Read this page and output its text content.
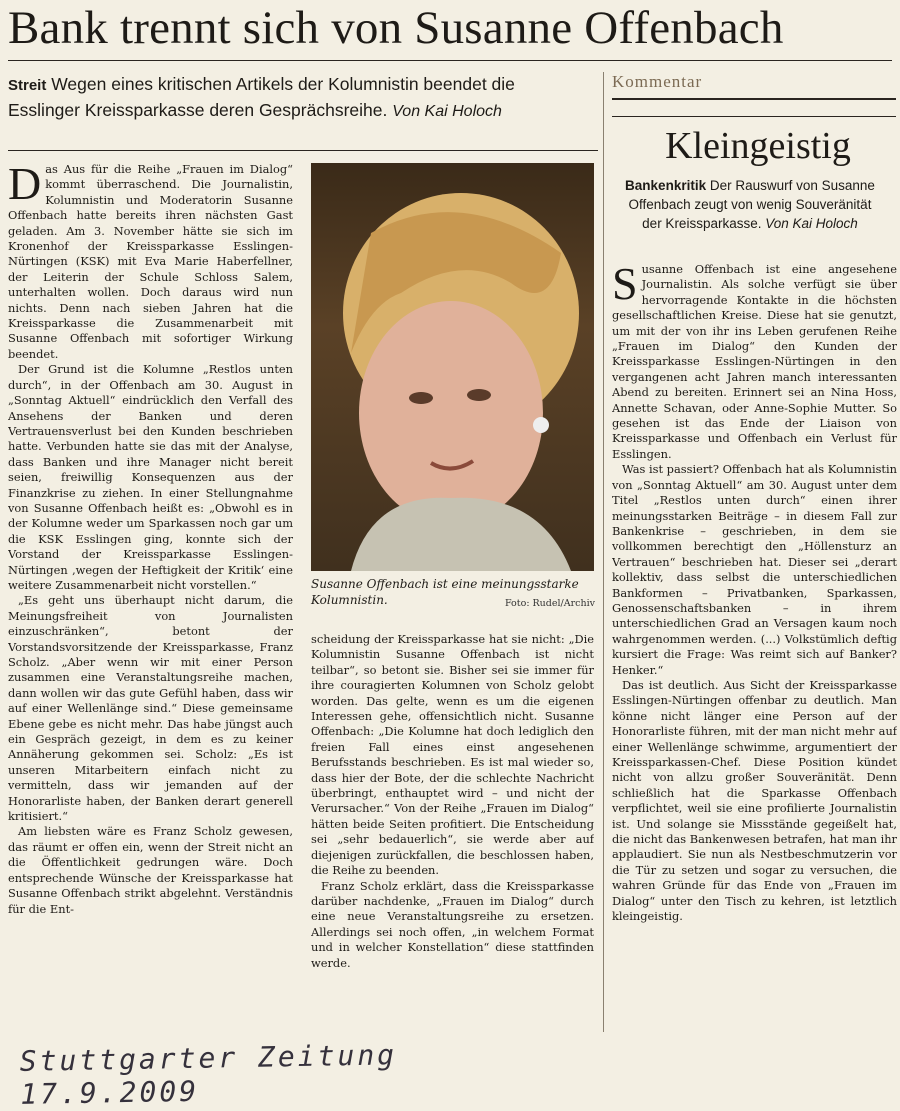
Bank trennt sich von Susanne Offenbach
Streit Wegen eines kritischen Artikels der Kolumnistin beendet die Esslinger Kreissparkasse deren Gesprächsreihe. Von Kai Holoch
Kommentar
Kleingeistig
Bankenkritik Der Rauswurf von Susanne Offenbach zeugt von wenig Souveränität der Kreissparkasse. Von Kai Holoch

Das Aus für die Reihe „Frauen im Dialog“ kommt überraschend. Die Journalistin, Kolumnistin und Moderatorin Susanne Offenbach hatte bereits ihren nächsten Gast geladen. Am 3. November hätte sie sich im Kronenhof der Kreissparkasse Esslingen-Nürtingen (KSK) mit Eva Marie Haberfellner, der Leiterin der Schule Schloss Salem, unterhalten wollen. Doch daraus wird nun nichts. Denn nach sieben Jahren hat die Kreissparkasse die Zusammenarbeit mit Susanne Offenbach mit sofortiger Wirkung beendet.

Der Grund ist die Kolumne „Restlos unten durch“, in der Offenbach am 30. August in „Sonntag Aktuell“ eindrücklich den Verfall des Ansehens der Banken und deren Vertrauensverlust bei den Kunden beschrieben hatte. Verbunden hatte sie das mit der Analyse, dass Banken und ihre Manager nicht bereit seien, freiwillig Konsequenzen aus der Finanzkrise zu ziehen. In einer Stellungnahme von Susanne Offenbach heißt es: „Obwohl es in der Kolumne weder um Sparkassen noch gar um die KSK Esslingen ging, konnte sich der Vorstand der Kreissparkasse Esslingen-Nürtingen ‚wegen der Heftigkeit der Kritik‘ eine weitere Zusammenarbeit nicht vorstellen.“

„Es geht uns überhaupt nicht darum, die Meinungsfreiheit von Journalisten einzuschränken“, betont der Vorstandsvorsitzende der Kreissparkasse, Franz Scholz. „Aber wenn wir mit einer Person zusammen eine Veranstaltungsreihe machen, dann wollen wir das gute Gefühl haben, dass wir auf einer Wellenlänge sind.“ Diese gemeinsame Ebene gebe es nicht mehr. Das habe jüngst auch ein Gespräch gezeigt, in dem es zu keiner Annäherung gekommen sei. Scholz: „Es ist unseren Mitarbeitern einfach nicht zu vermitteln, dass wir jemanden auf der Honorarliste haben, der Banken derart generell kritisiert.“

Am liebsten wäre es Franz Scholz gewesen, das räumt er offen ein, wenn der Streit nicht an die Öffentlichkeit gedrungen wäre. Doch entsprechende Wünsche der Kreissparkasse hat Susanne Offenbach strikt abgelehnt. Verständnis für die Ent-

Susanne Offenbach ist eine meinungsstarke Kolumnistin.	Foto: Rudel/Archiv

scheidung der Kreissparkasse hat sie nicht: „Die Kolumnistin Susanne Offenbach ist nicht teilbar“, so betont sie. Bisher sei sie immer für ihre couragierten Kolumnen von Scholz gelobt worden. Das gelte, wenn es um die eigenen Interessen gehe, offensichtlich nicht. Susanne Offenbach: „Die Kolumne hat doch lediglich den freien Fall eines einst angesehenen Berufsstands beschrieben. Es ist mal wieder so, dass hier der Bote, der die schlechte Nachricht überbringt, enthauptet wird – und nicht der Verursacher.“ Von der Reihe „Frauen im Dialog“ hätten beide Seiten profitiert. Die Entscheidung sei „sehr bedauerlich“, sie werde aber auf diejenigen zurückfallen, die beschlossen haben, die Reihe zu beenden.

Franz Scholz erklärt, dass die Kreissparkasse darüber nachdenke, „Frauen im Dialog“ durch eine neue Veranstaltungsreihe zu ersetzen. Allerdings sei noch offen, „in welchem Format und in welcher Konstellation“ diese stattfinden werde.

Susanne Offenbach ist eine angesehene Journalistin. Als solche verfügt sie über hervorragende Kontakte in die höchsten gesellschaftlichen Kreise. Diese hat sie genutzt, um mit der von ihr ins Leben gerufenen Reihe „Frauen im Dialog“ den Kunden der Kreissparkasse Esslingen-Nürtingen in den vergangenen acht Jahren manch interessanten Abend zu bereiten. Erinnert sei an Nina Hoss, Annette Schavan, oder Anne-Sophie Mutter. So gesehen ist das Ende der Liaison von Kreissparkasse und Offenbach ein Verlust für Esslingen.

Was ist passiert? Offenbach hat als Kolumnistin von „Sonntag Aktuell“ am 30. August unter dem Titel „Restlos unten durch“ einen ihrer meinungsstarken Beiträge – in diesem Fall zur Bankenkrise – geschrieben, in dem sie vollkommen berechtigt den „Höllensturz an Vertrauen“ beschrieben hat. Dieser sei „derart kollektiv, dass selbst die unterschiedlichen Bankformen – Privatbanken, Sparkassen, Genossenschaftsbanken – in ihrem unterschiedlichen Grad an Versagen kaum noch wahrgenommen werden. (...) Volkstümlich deftig kursiert die Frage: Was reimt sich auf Banker? Henker.“

Das ist deutlich. Aus Sicht der Kreissparkasse Esslingen-Nürtingen offenbar zu deutlich. Man könne nicht länger eine Person auf der Honorarliste führen, mit der man nicht mehr auf einer Wellenlänge schwimme, argumentiert der Kreissparkassen-Chef. Diese Position kündet nicht von allzu großer Souveränität. Denn schließlich hat die Sparkasse Offenbach verpflichtet, weil sie eine profilierte Journalistin ist. Und solange sie Missstände gegeißelt hat, die nicht das Bankenwesen betrafen, hat man ihr applaudiert. Sie nun als Nestbeschmutzerin vor die Tür zu setzen und sogar zu versuchen, die wahren Gründe für das Ende von „Frauen im Dialog“ unter den Tisch zu kehren, ist letztlich kleingeistig.

Stuttgarter Zeitung 17.9.2009
